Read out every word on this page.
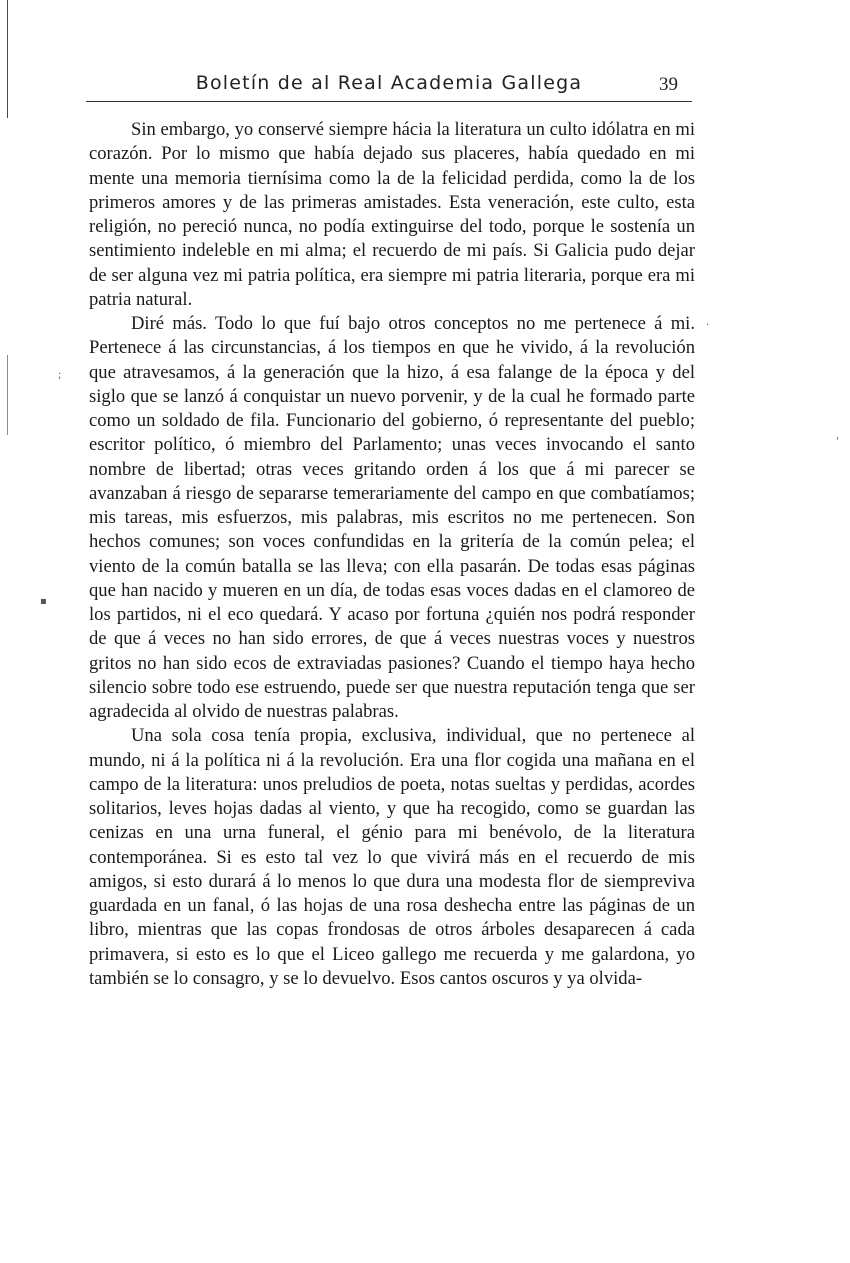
Boletín de al Real Academia Gallega	39

Sin embargo, yo conservé siempre hácia la literatura un culto idólatra en mi corazón. Por lo mismo que había dejado sus placeres, había quedado en mi mente una memoria tiernísima como la de la felicidad perdida, como la de los primeros amores y de las primeras amistades. Esta veneración, este culto, esta religión, no pereció nunca, no podía extinguirse del todo, porque le sostenía un sentimiento indeleble en mi alma; el recuerdo de mi país. Si Galicia pudo dejar de ser alguna vez mi patria política, era siempre mi patria literaria, porque era mi patria natural.

Diré más. Todo lo que fuí bajo otros conceptos no me pertenece á mi. Pertenece á las circunstancias, á los tiempos en que he vivido, á la revolución que atravesamos, á la generación que la hizo, á esa falange de la época y del siglo que se lanzó á conquistar un nuevo porvenir, y de la cual he formado parte como un soldado de fila. Funcionario del gobierno, ó representante del pueblo; escritor político, ó miembro del Parlamento; unas veces invocando el santo nombre de libertad; otras veces gritando orden á los que á mi parecer se avanzaban á riesgo de separarse temerariamente del campo en que combatíamos; mis tareas, mis esfuerzos, mis palabras, mis escritos no me pertenecen. Son hechos comunes; son voces confundidas en la gritería de la común pelea; el viento de la común batalla se las lleva; con ella pasarán. De todas esas páginas que han nacido y mueren en un día, de todas esas voces dadas en el clamoreo de los partidos, ni el eco quedará. Y acaso por fortuna ¿quién nos podrá responder de que á veces no han sido errores, de que á veces nuestras voces y nuestros gritos no han sido ecos de extraviadas pasiones? Cuando el tiempo haya hecho silencio sobre todo ese estruendo, puede ser que nuestra reputación tenga que ser agradecida al olvido de nuestras palabras.

Una sola cosa tenía propia, exclusiva, individual, que no pertenece al mundo, ni á la política ni á la revolución. Era una flor cogida una mañana en el campo de la literatura: unos preludios de poeta, notas sueltas y perdidas, acordes solitarios, leves hojas dadas al viento, y que ha recogido, como se guardan las cenizas en una urna funeral, el génio para mi benévolo, de la literatura contemporánea. Si es esto tal vez lo que vivirá más en el recuerdo de mis amigos, si esto durará á lo menos lo que dura una modesta flor de siempreviva guardada en un fanal, ó las hojas de una rosa deshecha entre las páginas de un libro, mientras que las copas frondosas de otros árboles desaparecen á cada primavera, si esto es lo que el Liceo gallego me recuerda y me galardona, yo también se lo consagro, y se lo devuelvo. Esos cantos oscuros y ya olvida-

;
▪
·
'
